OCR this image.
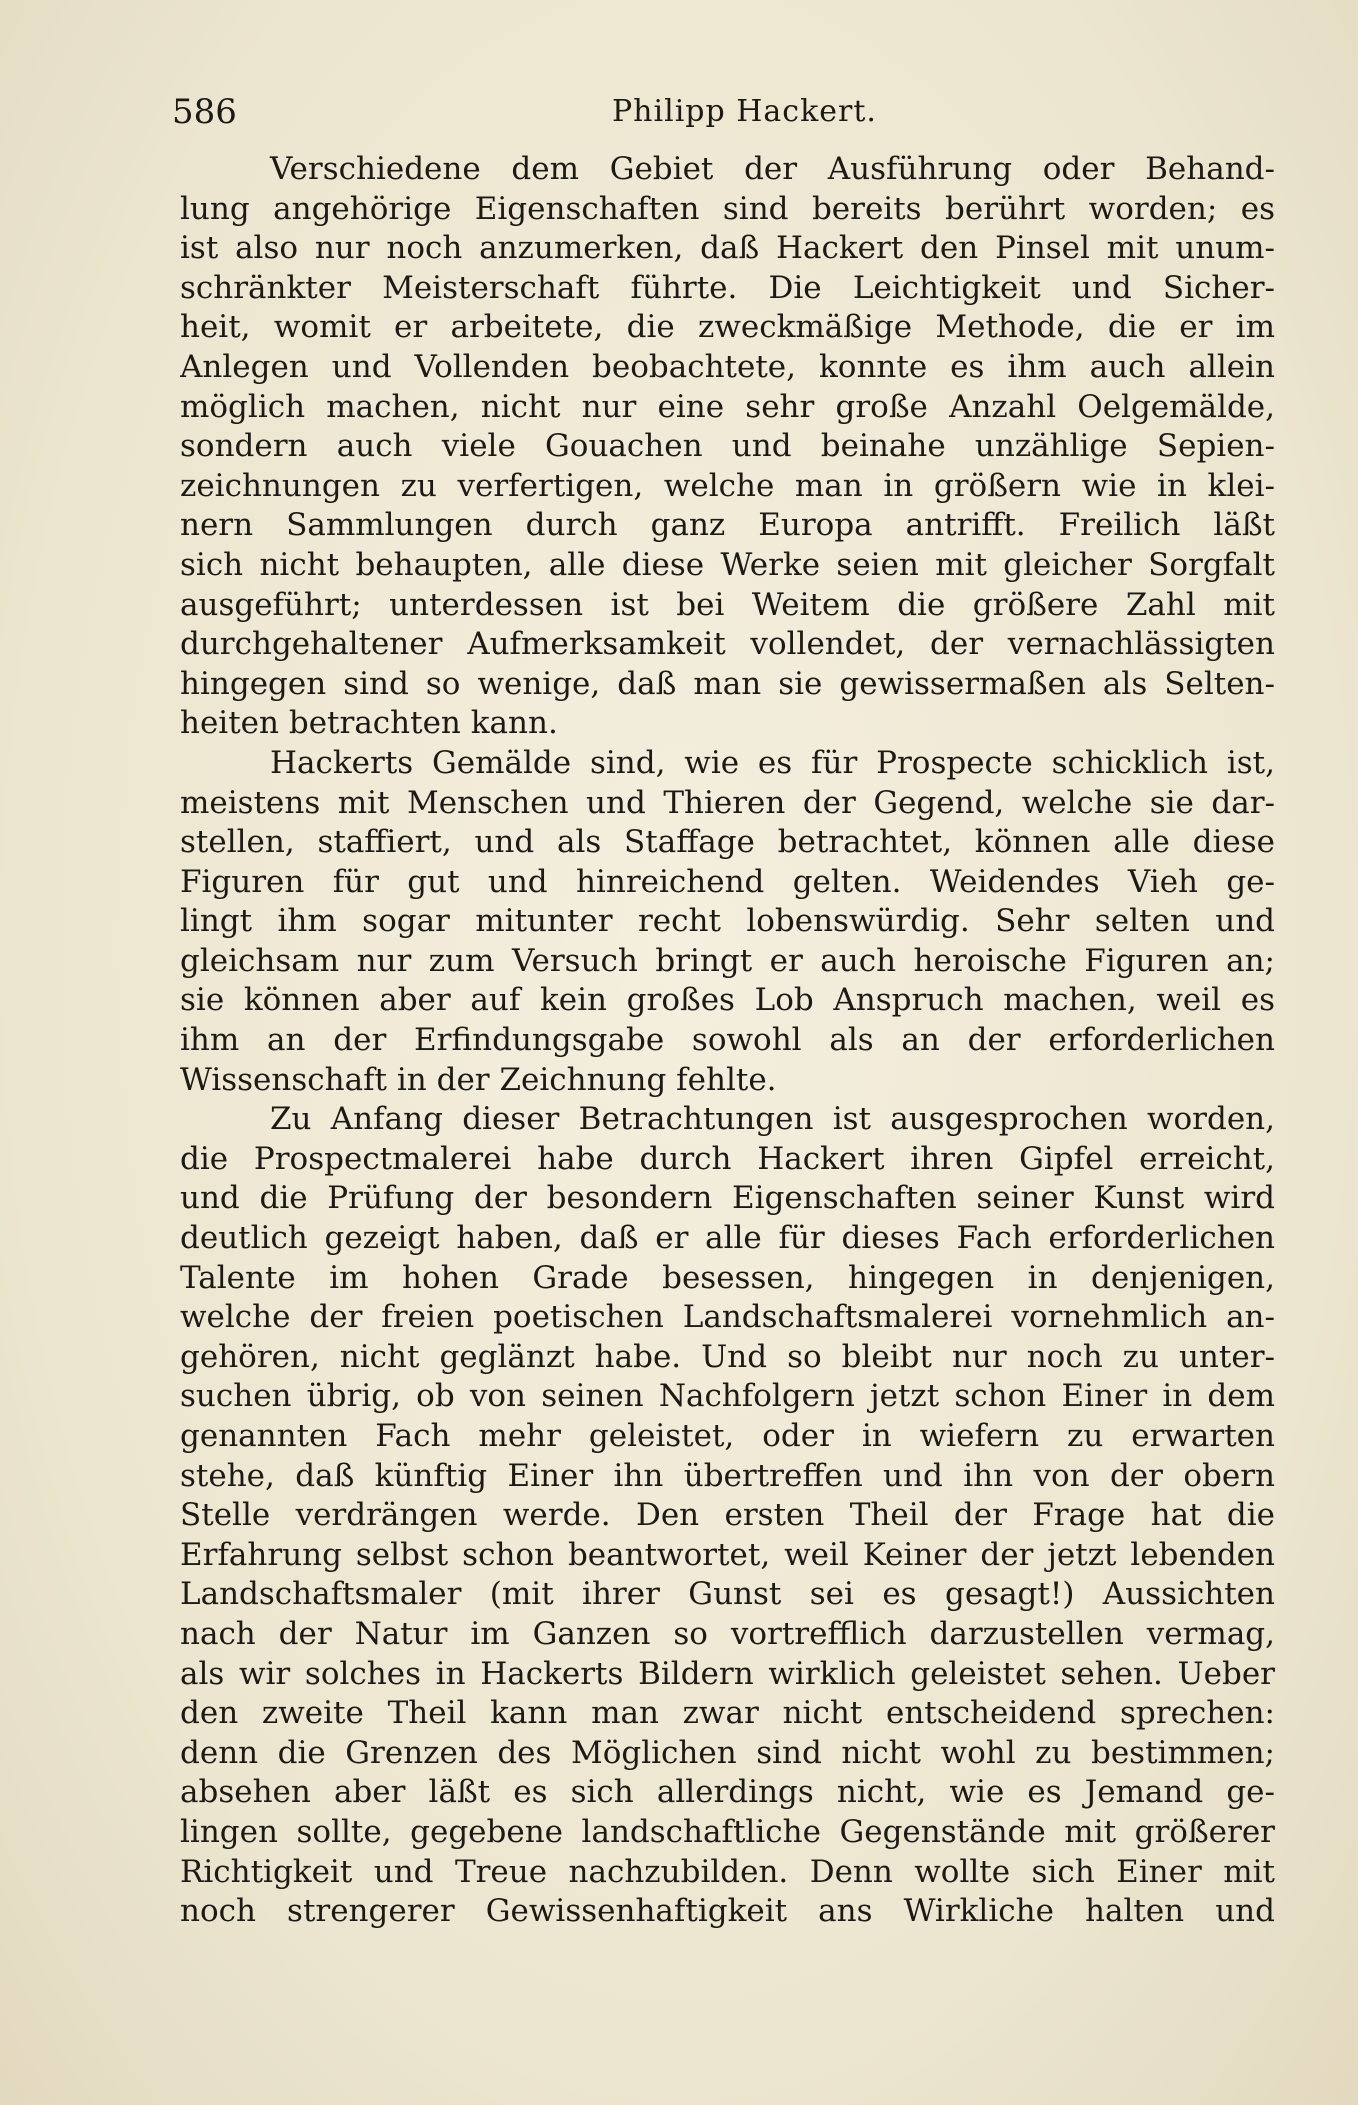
586	Philipp Hackert.
Verschiedene dem Gebiet der Ausführung oder Behand-
lung angehörige Eigenschaften sind bereits berührt worden; es
ist also nur noch anzumerken, daß Hackert den Pinsel mit unum-
schränkter Meisterschaft führte. Die Leichtigkeit und Sicher-
heit, womit er arbeitete, die zweckmäßige Methode, die er im
Anlegen und Vollenden beobachtete, konnte es ihm auch allein
möglich machen, nicht nur eine sehr große Anzahl Oelgemälde,
sondern auch viele Gouachen und beinahe unzählige Sepien-
zeichnungen zu verfertigen, welche man in größern wie in klei-
nern Sammlungen durch ganz Europa antrifft. Freilich läßt
sich nicht behaupten, alle diese Werke seien mit gleicher Sorgfalt
ausgeführt; unterdessen ist bei Weitem die größere Zahl mit
durchgehaltener Aufmerksamkeit vollendet, der vernachlässigten
hingegen sind so wenige, daß man sie gewissermaßen als Selten-
heiten betrachten kann.
Hackerts Gemälde sind, wie es für Prospecte schicklich ist,
meistens mit Menschen und Thieren der Gegend, welche sie dar-
stellen, staffiert, und als Staffage betrachtet, können alle diese
Figuren für gut und hinreichend gelten. Weidendes Vieh ge-
lingt ihm sogar mitunter recht lobenswürdig. Sehr selten und
gleichsam nur zum Versuch bringt er auch heroische Figuren an;
sie können aber auf kein großes Lob Anspruch machen, weil es
ihm an der Erfindungsgabe sowohl als an der erforderlichen
Wissenschaft in der Zeichnung fehlte.
Zu Anfang dieser Betrachtungen ist ausgesprochen worden,
die Prospectmalerei habe durch Hackert ihren Gipfel erreicht,
und die Prüfung der besondern Eigenschaften seiner Kunst wird
deutlich gezeigt haben, daß er alle für dieses Fach erforderlichen
Talente im hohen Grade besessen, hingegen in denjenigen,
welche der freien poetischen Landschaftsmalerei vornehmlich an-
gehören, nicht geglänzt habe. Und so bleibt nur noch zu unter-
suchen übrig, ob von seinen Nachfolgern jetzt schon Einer in dem
genannten Fach mehr geleistet, oder in wiefern zu erwarten
stehe, daß künftig Einer ihn übertreffen und ihn von der obern
Stelle verdrängen werde. Den ersten Theil der Frage hat die
Erfahrung selbst schon beantwortet, weil Keiner der jetzt lebenden
Landschaftsmaler (mit ihrer Gunst sei es gesagt!) Aussichten
nach der Natur im Ganzen so vortrefflich darzustellen vermag,
als wir solches in Hackerts Bildern wirklich geleistet sehen. Ueber
den zweite Theil kann man zwar nicht entscheidend sprechen:
denn die Grenzen des Möglichen sind nicht wohl zu bestimmen;
absehen aber läßt es sich allerdings nicht, wie es Jemand ge-
lingen sollte, gegebene landschaftliche Gegenstände mit größerer
Richtigkeit und Treue nachzubilden. Denn wollte sich Einer mit
noch strengerer Gewissenhaftigkeit ans Wirkliche halten und
